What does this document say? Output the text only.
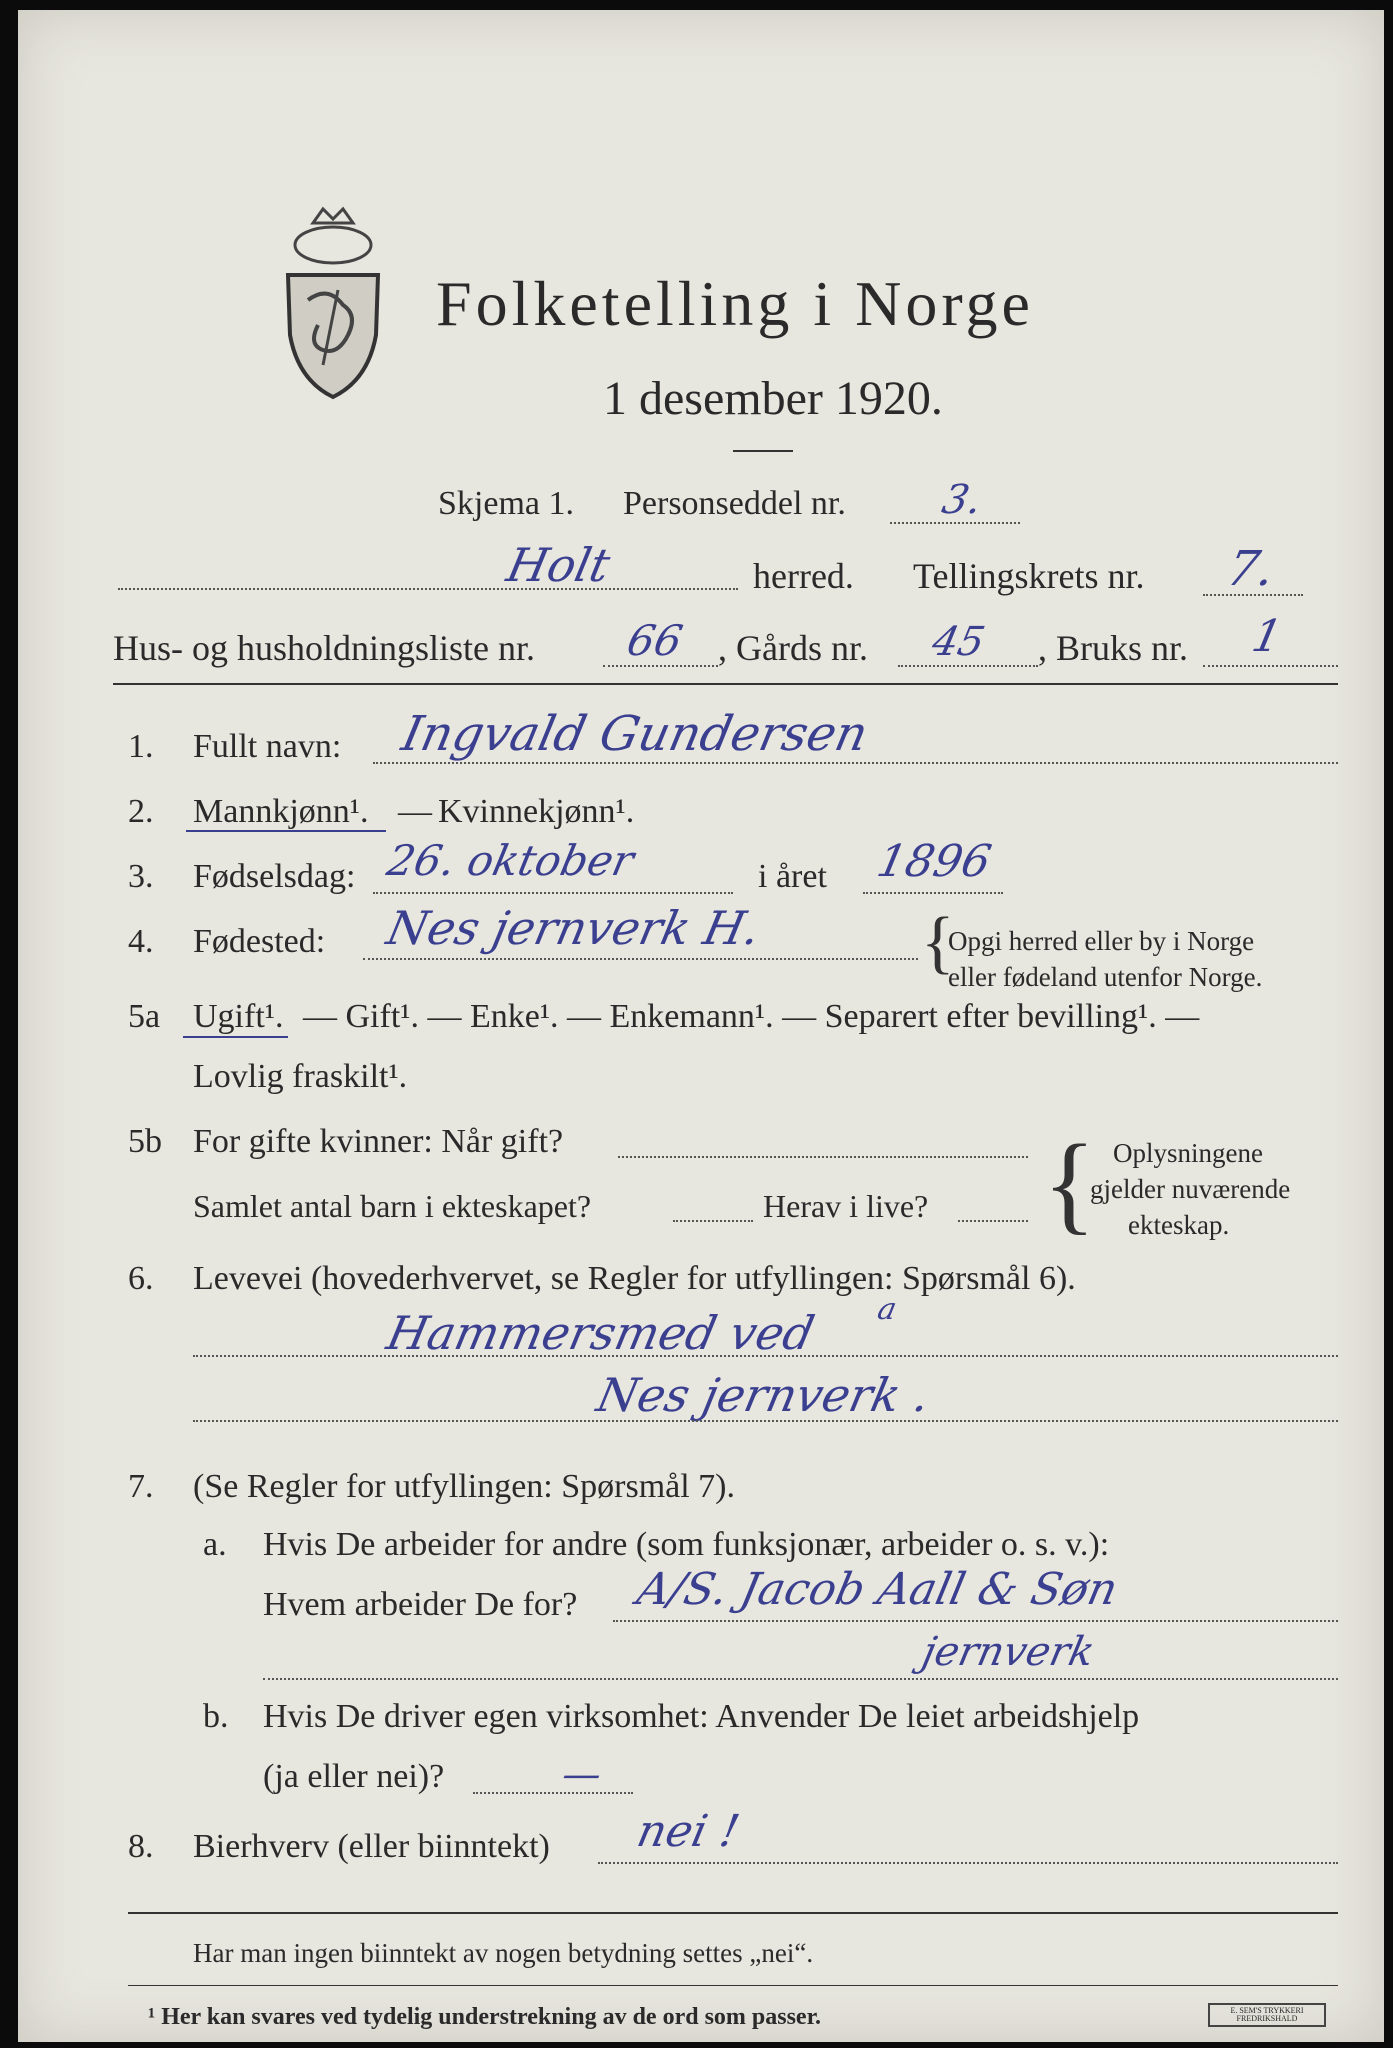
Folketelling i Norge
1 desember 1920.
Skjema 1. Personseddel nr. 3.
Holt	herred. Tellingskrets nr. 7.
Hus- og husholdningsliste nr. 66 , Gårds nr. 45 , Bruks nr. 1
1. Fullt navn: Ingvald Gundersen
2. Mannkjønn¹. — Kvinnekjønn¹.
3. Fødselsdag: 26. oktober	i året 1896
4. Fødested: Nes jernverk H. {
Opgi herred eller by i Norge
eller fødeland utenfor Norge.
5a Ugift¹. — Gift¹. — Enke¹. — Enkemann¹. — Separert efter bevilling¹. —
Lovlig fraskilt¹.
5b For gifte kvinner: Når gift?
Samlet antal barn i ekteskapet?	Herav i live? { Oplysningene
gjelder nuværende
ekteskap.
6. Levevei (hovederhvervet, se Regler for utfyllingen: Spørsmål 6).
Hammersmed ved a
Nes jernverk .
7. (Se Regler for utfyllingen: Spørsmål 7).
a. Hvis De arbeider for andre (som funksjonær, arbeider o. s. v.):
Hvem arbeider De for? A/S. Jacob Aall & Søn
jernverk
b. Hvis De driver egen virksomhet: Anvender De leiet arbeidshjelp
(ja eller nei)?	—
8. Bierhverv (eller biinntekt) nei !
Har man ingen biinntekt av nogen betydning settes „nei“.
¹ Her kan svares ved tydelig understrekning av de ord som passer.	E. SEM'S TRYKKERI FREDRIKSHALD
